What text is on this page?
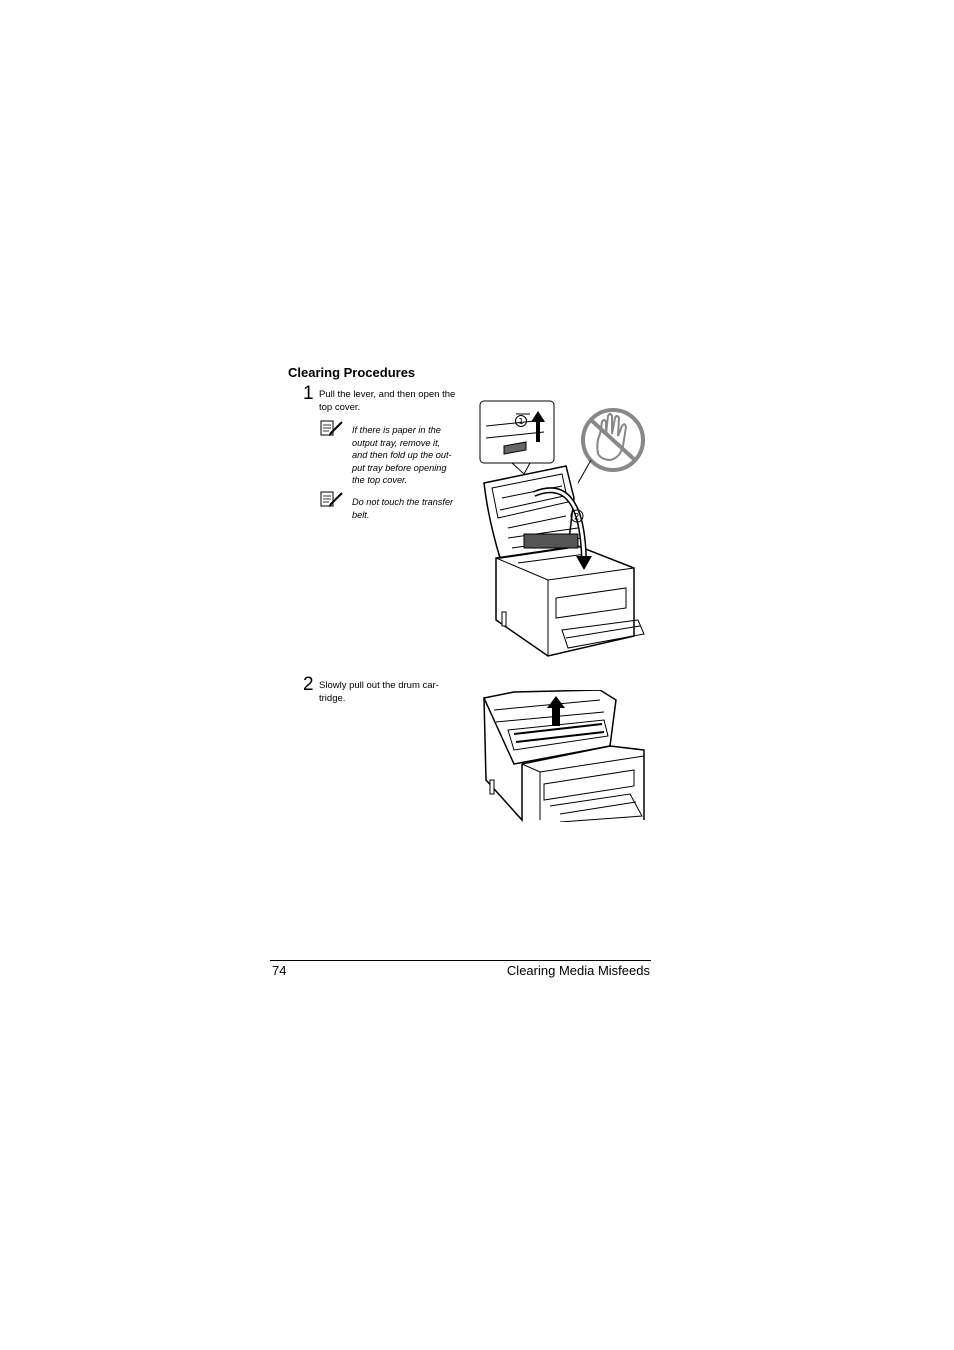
Clearing Procedures
1 Pull the lever, and then open the
top cover.
If there is paper in the
output tray, remove it,
and then fold up the out-
put tray before opening
the top cover.
Do not touch the transfer
belt.
1
2
2 Slowly pull out the drum car-
tridge.
74	Clearing Media Misfeeds
